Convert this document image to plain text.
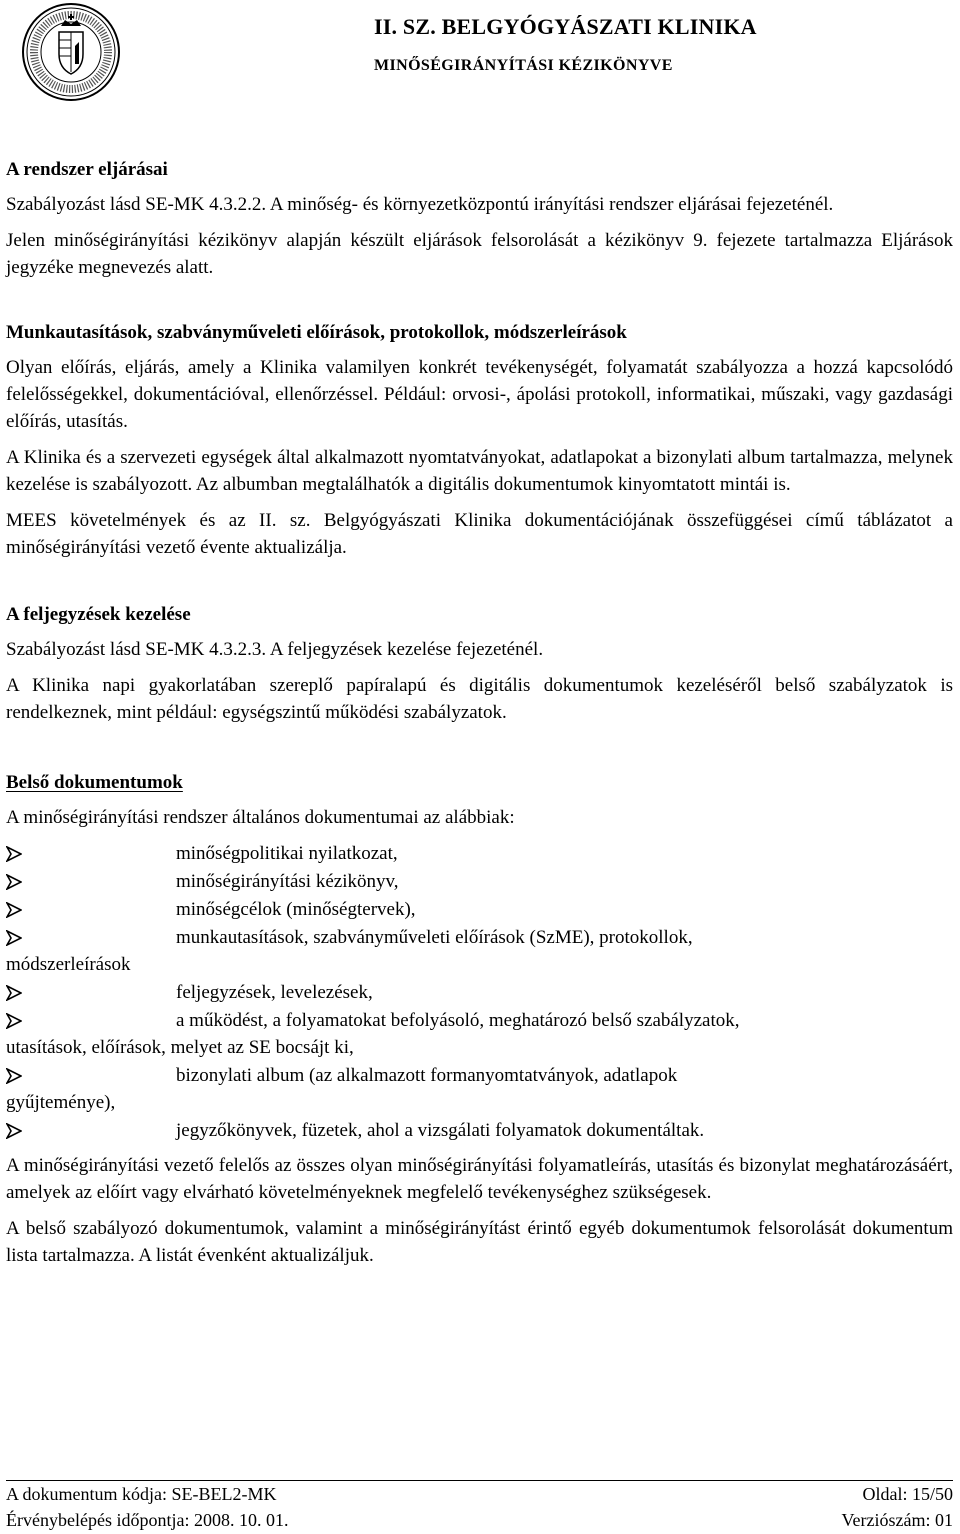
II. SZ. BELGYÓGYÁSZATI KLINIKA
MINŐSÉGIRÁNYÍTÁSI KÉZIKÖNYVE
A rendszer eljárásai

Szabályozást lásd SE-MK 4.3.2.2. A minőség- és környezetközpontú irányítási rendszer eljárásai fejezeténél.

Jelen minőségirányítási kézikönyv alapján készült eljárások felsorolását a kézikönyv 9. fejezete tartalmazza Eljárások jegyzéke megnevezés alatt.

Munkautasítások, szabványműveleti előírások, protokollok, módszerleírások

Olyan előírás, eljárás, amely a Klinika valamilyen konkrét tevékenységét, folyamatát szabályozza a hozzá kapcsolódó felelősségekkel, dokumentációval, ellenőrzéssel. Például: orvosi-, ápolási protokoll, informatikai, műszaki, vagy gazdasági előírás, utasítás.

A Klinika és a szervezeti egységek által alkalmazott nyomtatványokat, adatlapokat a bizonylati album tartalmazza, melynek kezelése is szabályozott. Az albumban megtalálhatók a digitális dokumentumok kinyomtatott mintái is.

MEES követelmények és az II. sz. Belgyógyászati Klinika dokumentációjának összefüggései című táblázatot a minőségirányítási vezető évente aktualizálja.

A feljegyzések kezelése

Szabályozást lásd SE-MK 4.3.2.3. A feljegyzések kezelése fejezeténél.

A Klinika napi gyakorlatában szereplő papíralapú és digitális dokumentumok kezeléséről belső szabályzatok is rendelkeznek, mint például: egységszintű működési szabályzatok.

Belső dokumentumok

A minőségirányítási rendszer általános dokumentumai az alábbiak:

minőségpolitikai nyilatkozat,
minőségirányítási kézikönyv,
minőségcélok (minőségtervek),
munkautasítások, szabványműveleti előírások (SzME), protokollok,
módszerleírások
feljegyzések, levelezések,
a működést, a folyamatokat befolyásoló, meghatározó belső szabályzatok,
utasítások, előírások, melyet az SE bocsájt ki,
bizonylati album (az alkalmazott formanyomtatványok, adatlapok
gyűjteménye),
jegyzőkönyvek, füzetek, ahol a vizsgálati folyamatok dokumentáltak.

A minőségirányítási vezető felelős az összes olyan minőségirányítási folyamatleírás, utasítás és bizonylat meghatározásáért, amelyek az előírt vagy elvárható követelményeknek megfelelő tevékenységhez szükségesek.

A belső szabályozó dokumentumok, valamint a minőségirányítást érintő egyéb dokumentumok felsorolását dokumentum lista tartalmazza. A listát évenként aktualizáljuk.

A dokumentum kódja: SE-BEL2-MK	Oldal: 15/50
Érvénybelépés időpontja: 2008. 10. 01.	Verziószám: 01
